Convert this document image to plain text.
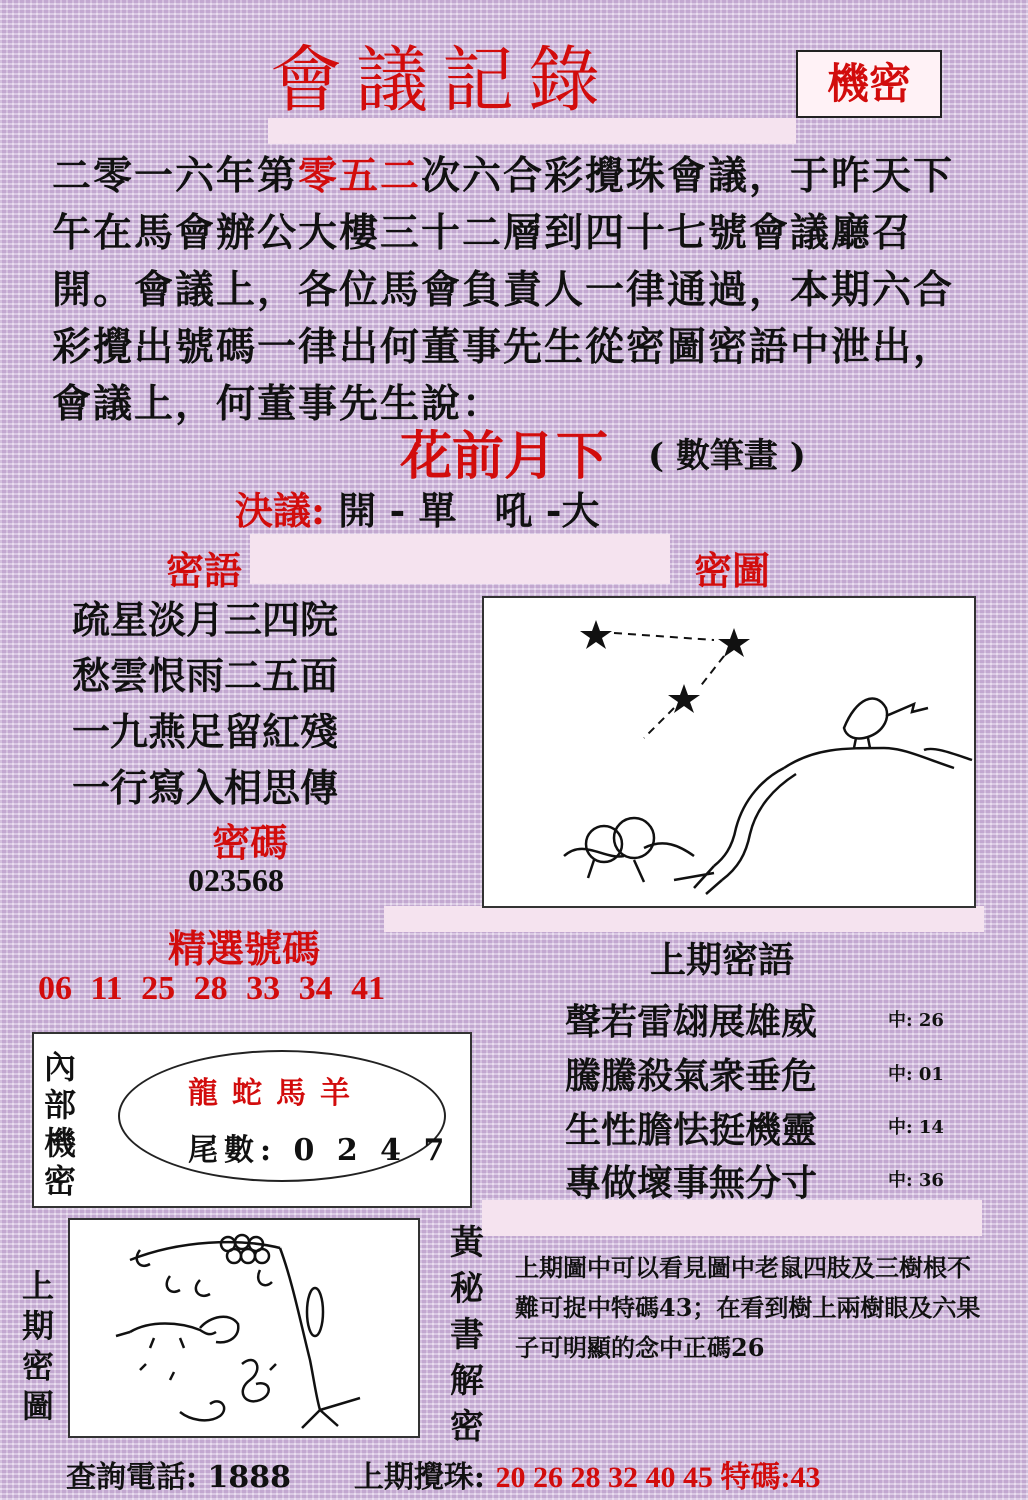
會議記錄	機密
二零一六年第零五二次六合彩攪珠會議，于昨天下午在馬會辦公大樓三十二層到四十七號會議廳召開。會議上，各位馬會負責人一律通過，本期六合彩攪出號碼一律出何董事先生從密圖密語中泄出，會議上，何董事先生說：
花前月下 ( 數筆畫 )
決議: 開 - 單　吼 -大
密語	密圖
疏星淡月三四院
愁雲恨雨二五面
一九燕足留紅殘
一行寫入相思傳
密碼
023568
精選號碼
06 11 25 28 33 34 41
上期密語
聲若雷翃展雄威	中: 26
騰騰殺氣衆垂危	中: 01
生性膽怯挺機靈	中: 14
專做壞事無分寸	中: 36
內部機密
龍蛇馬羊
尾數: 0 2 4 7
上期密圖
黃秘書解密
上期圖中可以看見圖中老鼠四肢及三樹根不難可捉中特碼43；在看到樹上兩樹眼及六果子可明顯的念中正碼26
查詢電話: 1888 上期攪珠: 20 26 28 32 40 45 特碼:43
